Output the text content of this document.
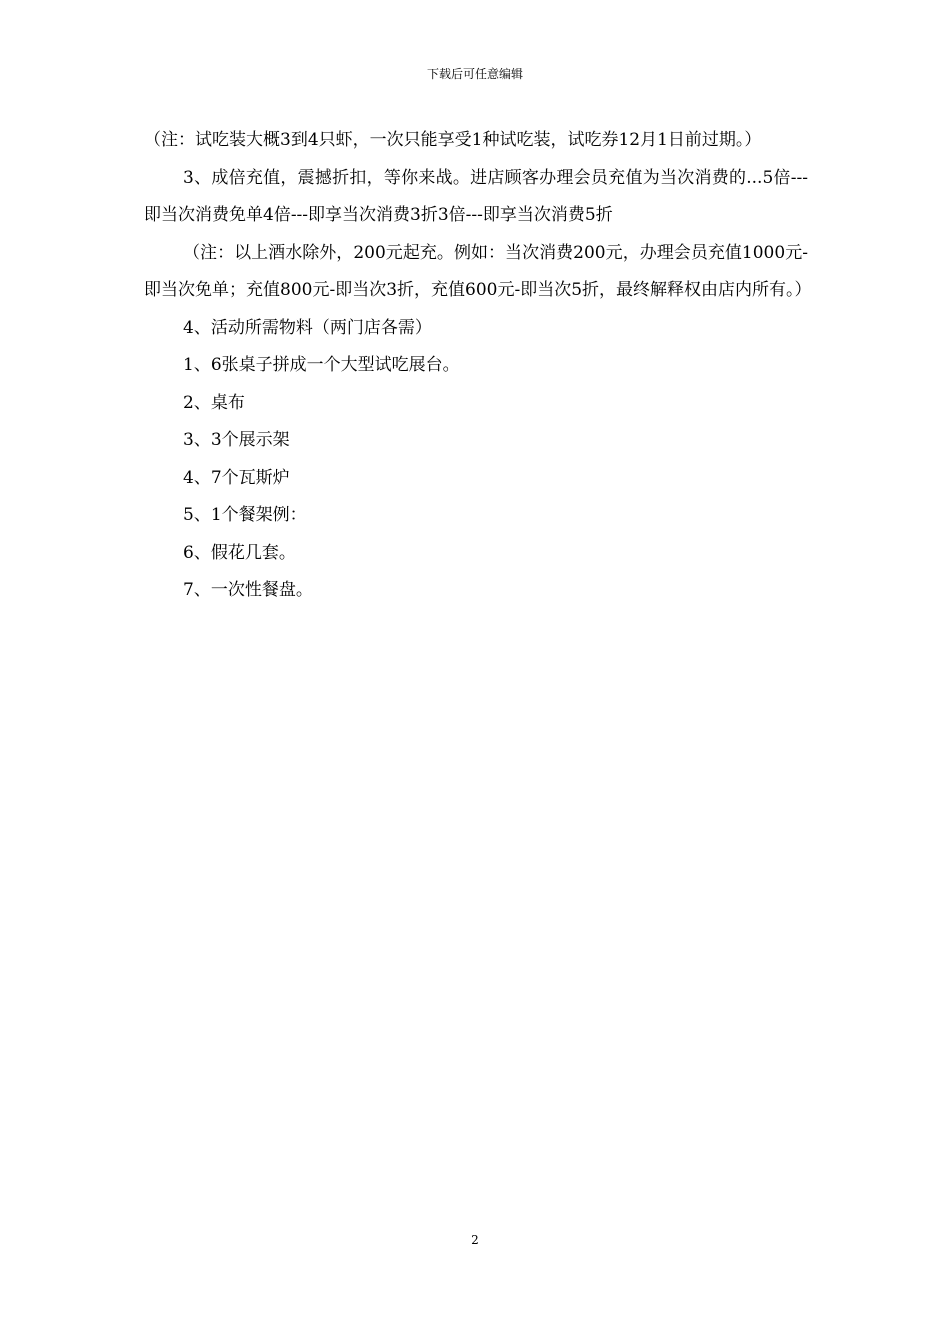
下载后可任意编辑

（注：试吃装大概3到4只虾，一次只能享受1种试吃装，试吃券12月1日前过期。）

3、成倍充值，震撼折扣，等你来战。进店顾客办理会员充值为当次消费的...5倍---即当次消费免单4倍---即享当次消费3折3倍---即享当次消费5折

（注：以上酒水除外，200元起充。例如：当次消费200元，办理会员充值1000元-即当次免单；充值800元-即当次3折，充值600元-即当次5折，最终解释权由店内所有。）

4、活动所需物料（两门店各需）

1、6张桌子拼成一个大型试吃展台。

2、桌布

3、3个展示架

4、7个瓦斯炉

5、1个餐架例：

6、假花几套。

7、一次性餐盘。

2
